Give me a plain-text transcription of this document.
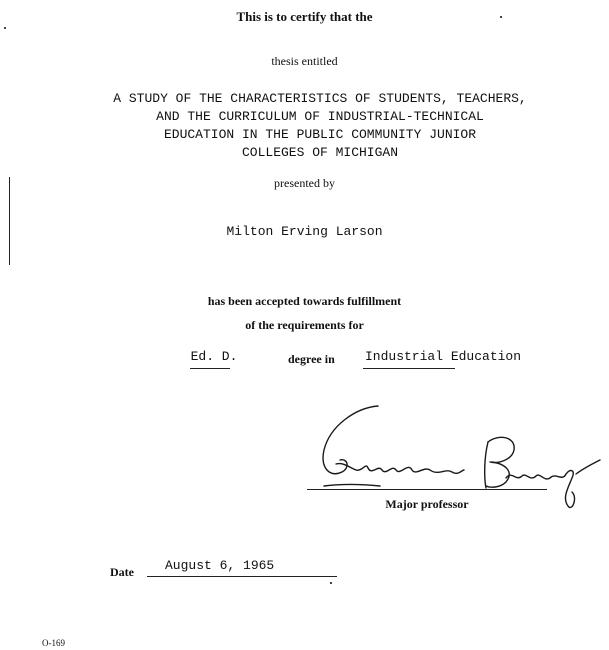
This is to certify that the
thesis entitled
A STUDY OF THE CHARACTERISTICS OF STUDENTS, TEACHERS,
AND THE CURRICULUM OF INDUSTRIAL-TECHNICAL
EDUCATION IN THE PUBLIC COMMUNITY JUNIOR
COLLEGES OF MICHIGAN
presented by
Milton Erving Larson
has been accepted towards fulfillment
of the requirements for
Ed. D.	degree in Industrial Education
Major professor
Date August 6, 1965
O-169
